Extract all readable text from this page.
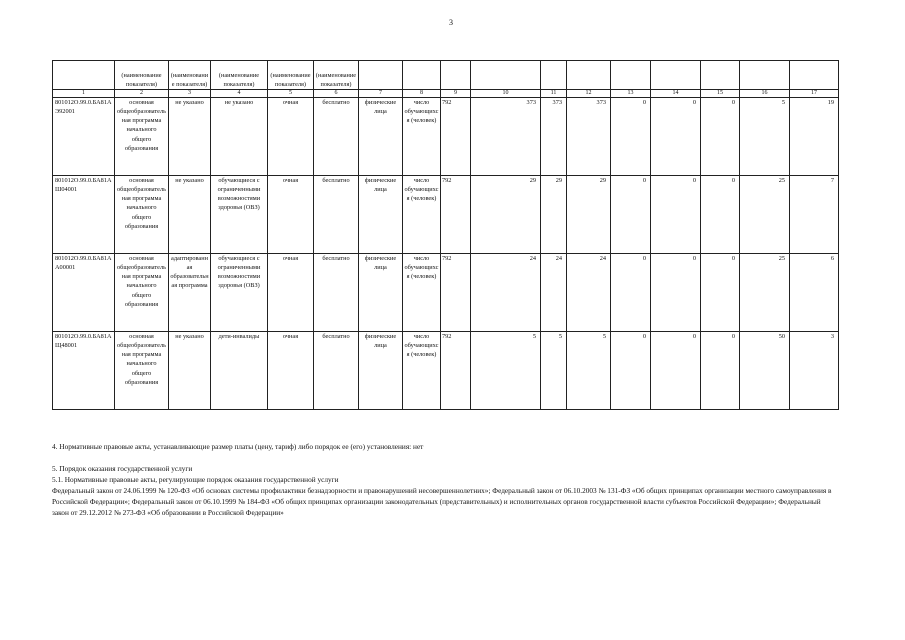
3
	(наименование показателя)	(наименование показателя)	(наименование показателя)	(наименование показателя)	(наименование показателя)											
1	2	3	4	5	6	7	8	9	10	11	12	13	14	15	16	17
801012О.99.0.БА81АЭ92001	основная общеобразовательная программа начального общего образования	не указано	не указано	очная	бесплатно	физические лица	число обучающихся (человек)	792	373	373	373	0	0	0	5	19
801012О.99.0.БА81АШ04001	основная общеобразовательная программа начального общего образования	не указано	обучающиеся с ограниченными возможностями здоровья (ОВЗ)	очная	бесплатно	физические лица	число обучающихся (человек)	792	29	29	29	0	0	0	25	7
801012О.99.0.БА81АА00001	основная общеобразовательная программа начального общего образования	адаптированная образовательная программа	обучающиеся с ограниченными возможностями здоровья (ОВЗ)	очная	бесплатно	физические лица	число обучающихся (человек)	792	24	24	24	0	0	0	25	6
801012О.99.0.БА81АЩ48001	основная общеобразовательная программа начального общего образования	не указано	дети-инвалиды	очная	бесплатно	физические лица	число обучающихся (человек)	792	5	5	5	0	0	0	50	3

4. Нормативные правовые акты, устанавливающие размер платы (цену, тариф) либо порядок ее (его) установления: нет

5. Порядок оказания государственной услуги

5.1. Нормативные правовые акты, регулирующие порядок оказания государственной услуги

Федеральный закон от 24.06.1999 № 120-ФЗ «Об основах системы профилактики безнадзорности и правонарушений несовершеннолетних»; Федеральный закон от 06.10.2003 № 131-ФЗ «Об общих принципах организации местного самоуправления в Российской Федерации»; Федеральный закон от 06.10.1999 № 184-ФЗ «Об общих принципах организации законодательных (представительных) и исполнительных органов государственной власти субъектов Российской Федерации»; Федеральный закон от 29.12.2012 № 273-ФЗ «Об образовании в Российской Федерации»
